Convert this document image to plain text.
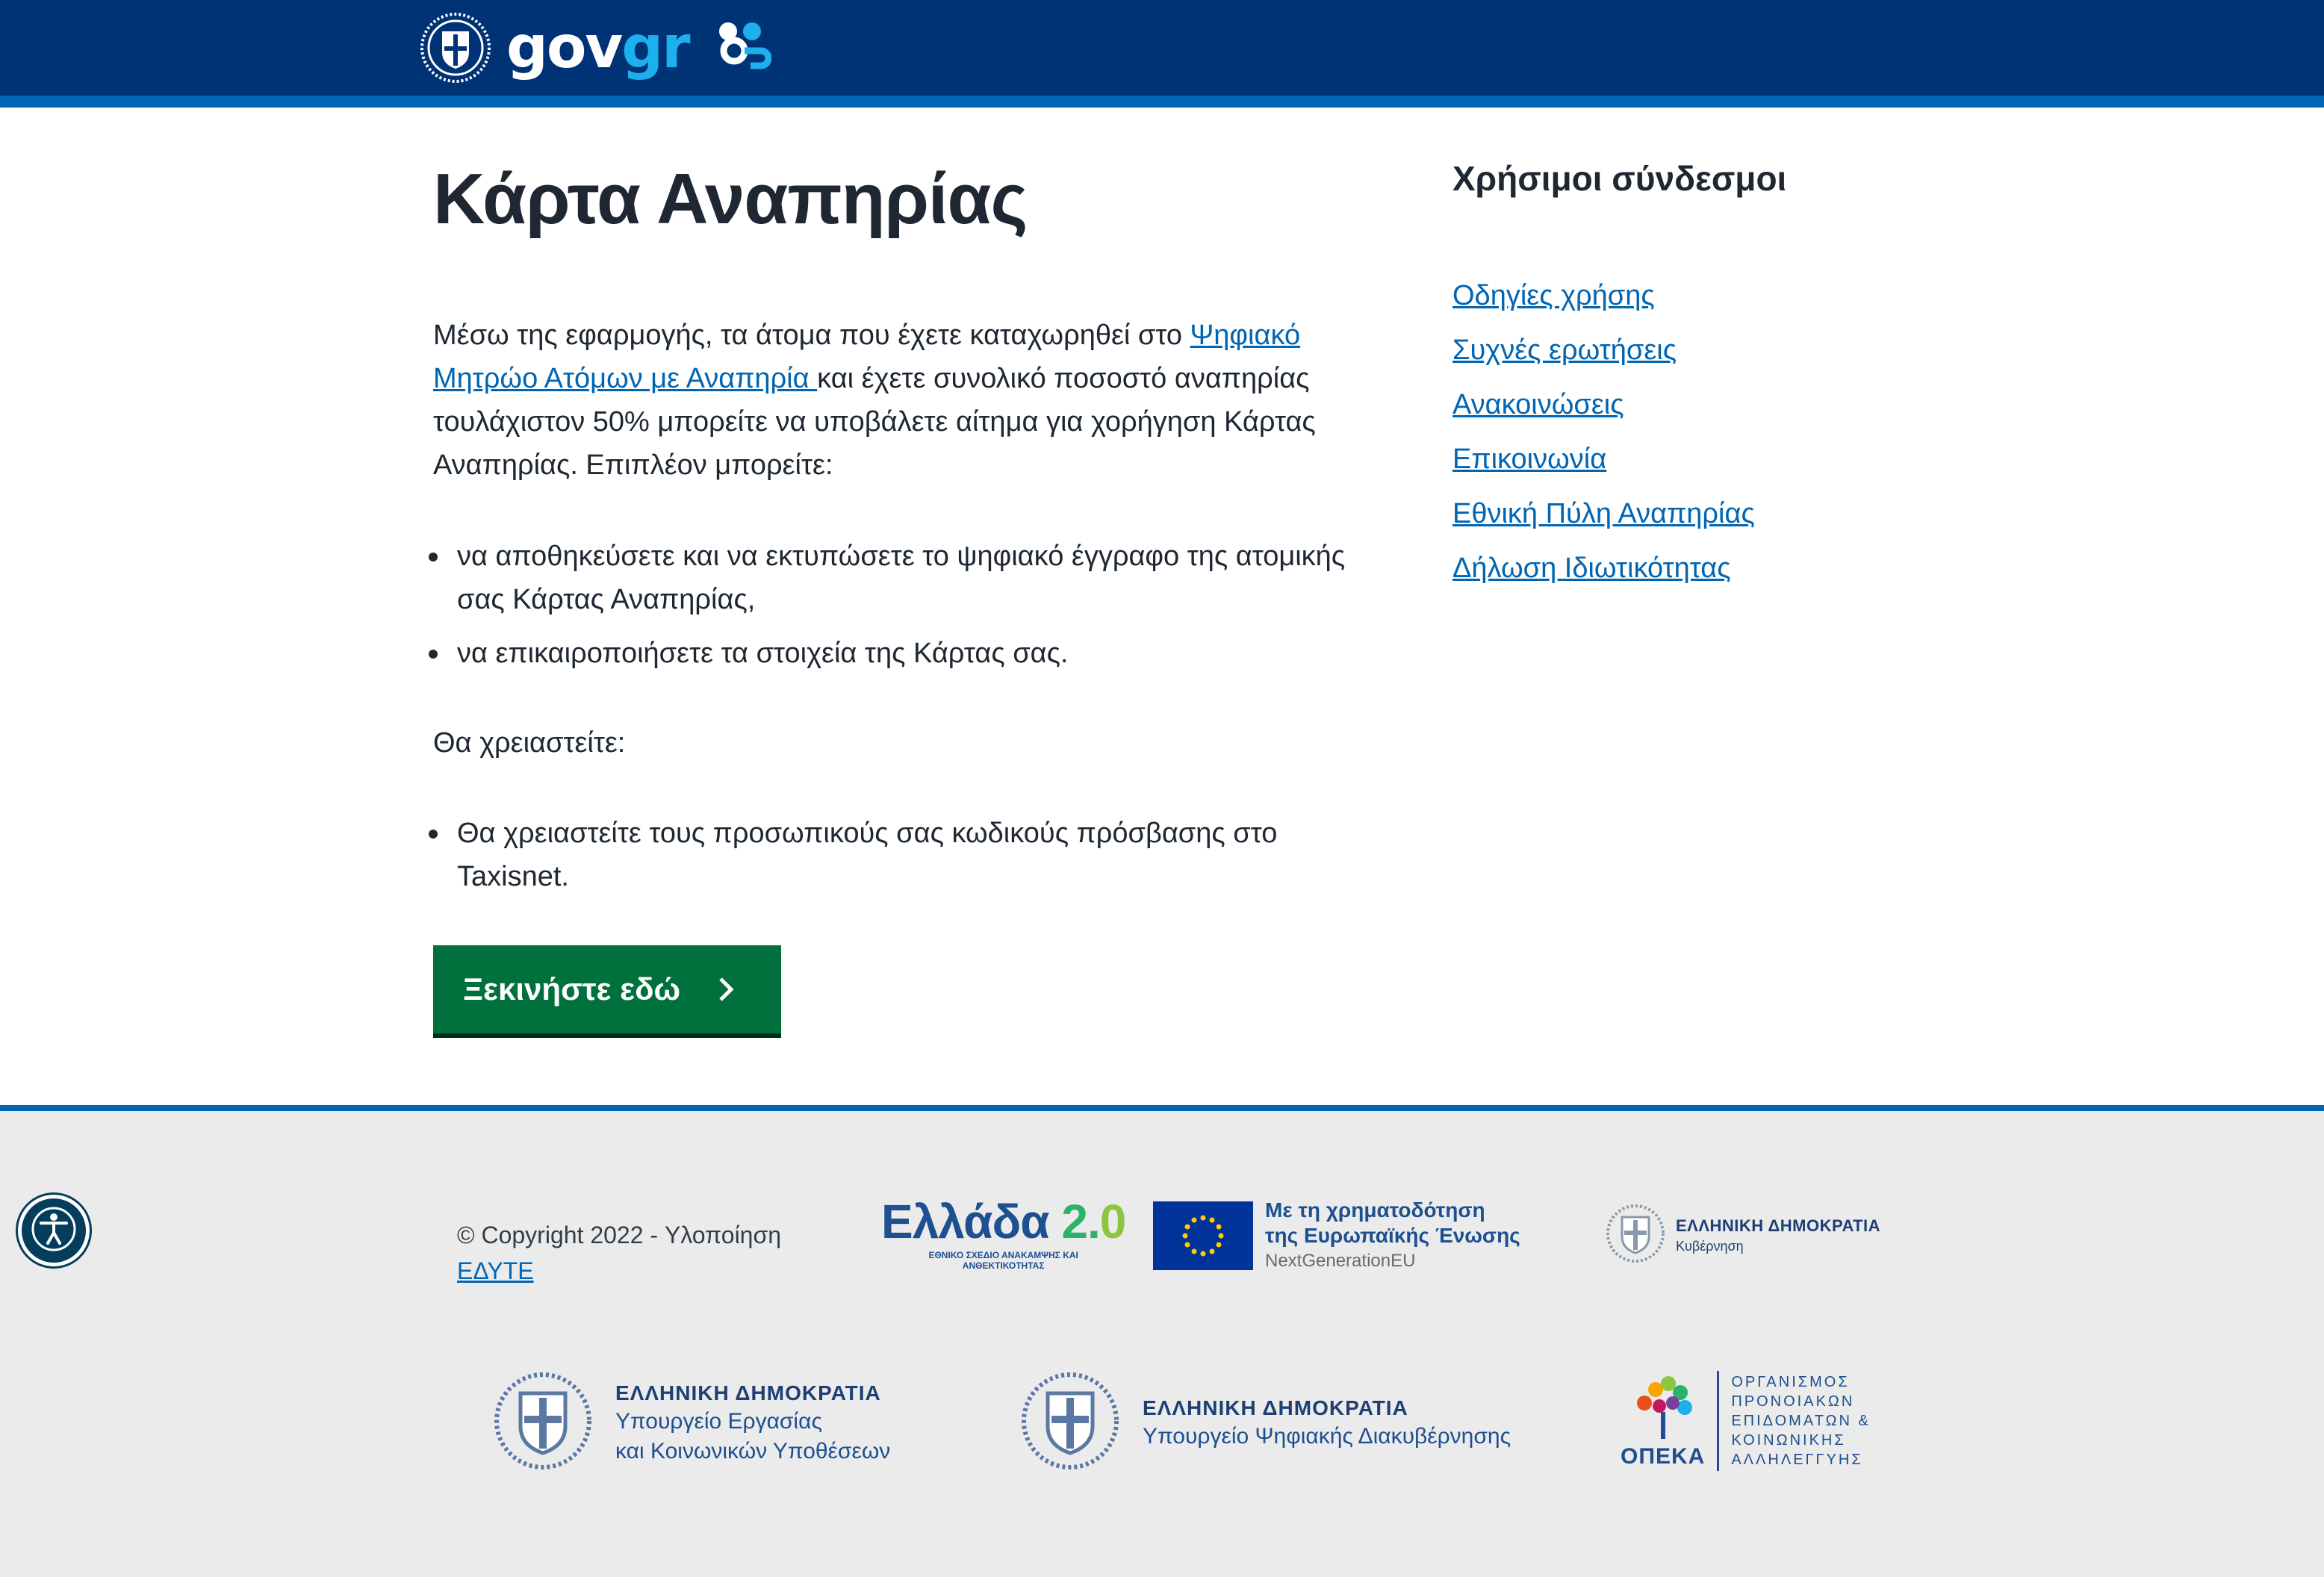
govgr
Κάρτα Αναπηρίας

Μέσω της εφαρμογής, τα άτομα που έχετε καταχωρηθεί στο Ψηφιακό Μητρώο Ατόμων με Αναπηρία και έχετε συνολικό ποσοστό αναπηρίας τουλάχιστον 50% μπορείτε να υποβάλετε αίτημα για χορήγηση Κάρτας Αναπηρίας. Επιπλέον μπορείτε:

να αποθηκεύσετε και να εκτυπώσετε το ψηφιακό έγγραφο της ατομικής σας Κάρτας Αναπηρίας,
να επικαιροποιήσετε τα στοιχεία της Κάρτας σας.

Θα χρειαστείτε:

Θα χρειαστείτε τους προσωπικούς σας κωδικούς πρόσβασης στο Taxisnet.
Ξεκινήστε εδώ
Χρήσιμοι σύνδεσμοι
Οδηγίες χρήσης
Συχνές ερωτήσεις
Ανακοινώσεις
Επικοινωνία
Εθνική Πύλη Αναπηρίας
Δήλωση Ιδιωτικότητας
© Copyright 2022 - Υλοποίηση
ΕΔΥΤΕ
Ελλάδα 2.0
ΕΘΝΙΚΟ ΣΧΕΔΙΟ ΑΝΑΚΑΜΨΗΣ ΚΑΙ ΑΝΘΕΚΤΙΚΟΤΗΤΑΣ
Με τη χρηματοδότηση
της Ευρωπαϊκής Ένωσης
NextGenerationEU
ΕΛΛΗΝΙΚΗ ΔΗΜΟΚΡΑΤΙΑ
Κυβέρνηση
ΕΛΛΗΝΙΚΗ ΔΗΜΟΚΡΑΤΙΑ
Υπουργείο Εργασίας
και Κοινωνικών Υποθέσεων
ΕΛΛΗΝΙΚΗ ΔΗΜΟΚΡΑΤΙΑ
Υπουργείο Ψηφιακής Διακυβέρνησης
ΟΠΕΚΑ
ΟΡΓΑΝΙΣΜΟΣ
ΠΡΟΝΟΙΑΚΩΝ
ΕΠΙΔΟΜΑΤΩΝ &
ΚΟΙΝΩΝΙΚΗΣ
ΑΛΛΗΛΕΓΓΥΗΣ
